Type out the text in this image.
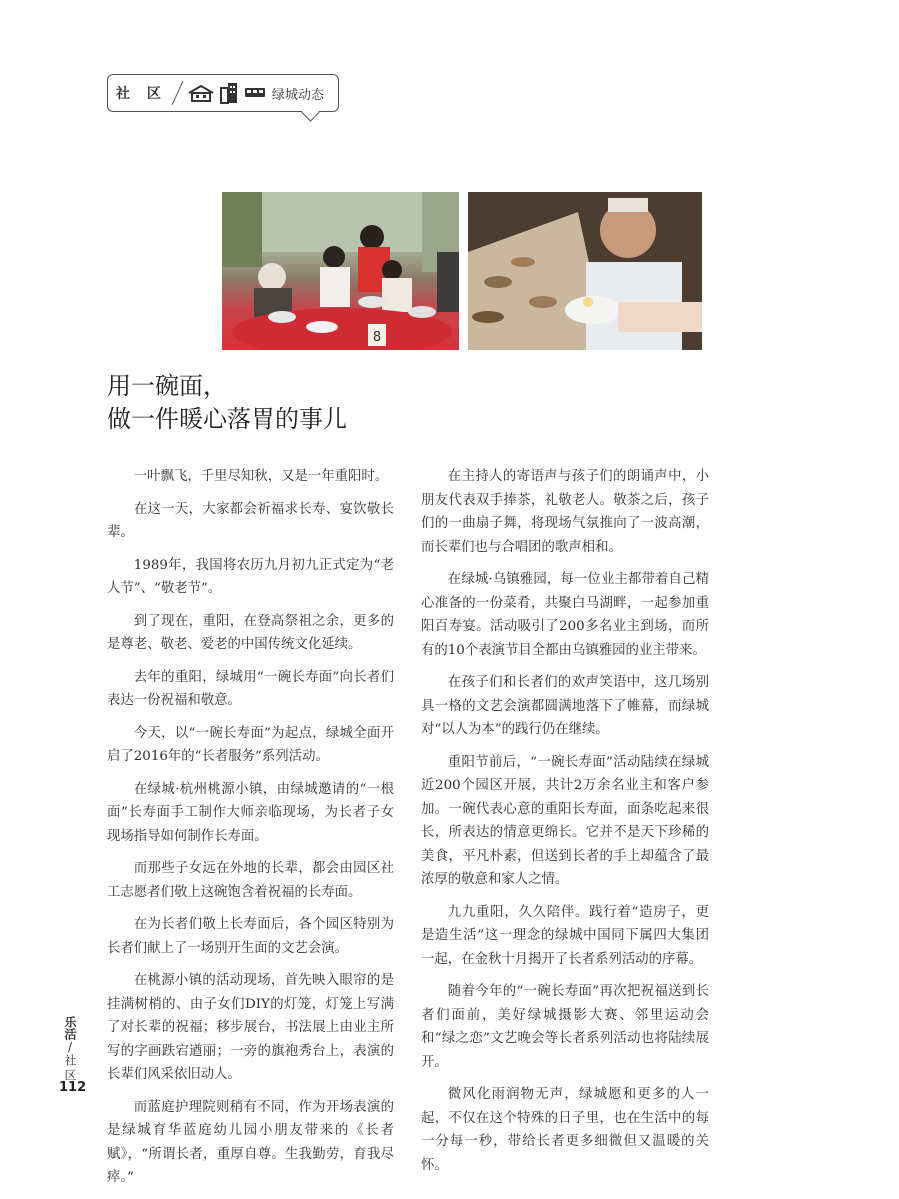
社 区	绿城动态
8
用一碗面，
做一件暖心落胃的事儿

一叶飘飞，千里尽知秋，又是一年重阳时。

在这一天，大家都会祈福求长寿、宴饮敬长辈。

1989年，我国将农历九月初九正式定为“老人节”、“敬老节”。

到了现在，重阳，在登高祭祖之余，更多的是尊老、敬老、爱老的中国传统文化延续。

去年的重阳，绿城用“一碗长寿面”向长者们表达一份祝福和敬意。

今天，以“一碗长寿面”为起点，绿城全面开启了2016年的“长者服务”系列活动。

在绿城·杭州桃源小镇，由绿城邀请的“一根面”长寿面手工制作大师亲临现场，为长者子女现场指导如何制作长寿面。

而那些子女远在外地的长辈，都会由园区社工志愿者们敬上这碗饱含着祝福的长寿面。

在为长者们敬上长寿面后，各个园区特别为长者们献上了一场别开生面的文艺会演。

在桃源小镇的活动现场，首先映入眼帘的是挂满树梢的、由子女们DIY的灯笼，灯笼上写满了对长辈的祝福；移步展台，书法展上由业主所写的字画跌宕遒丽；一旁的旗袍秀台上，表演的长辈们风采依旧动人。

而蓝庭护理院则稍有不同，作为开场表演的是绿城育华蓝庭幼儿园小朋友带来的《长者赋》，“所谓长者，重厚自尊。生我勤劳，育我尽瘁。”

在主持人的寄语声与孩子们的朗诵声中，小朋友代表双手捧茶，礼敬老人。敬茶之后，孩子们的一曲扇子舞，将现场气氛推向了一波高潮，而长辈们也与合唱团的歌声相和。

在绿城·乌镇雅园，每一位业主都带着自己精心准备的一份菜肴，共聚白马湖畔，一起参加重阳百寿宴。活动吸引了200多名业主到场，而所有的10个表演节目全都由乌镇雅园的业主带来。

在孩子们和长者们的欢声笑语中，这几场别具一格的文艺会演都圆满地落下了帷幕，而绿城对“以人为本”的践行仍在继续。

重阳节前后，“一碗长寿面”活动陆续在绿城近200个园区开展，共计2万余名业主和客户参加。一碗代表心意的重阳长寿面，面条吃起来很长，所表达的情意更绵长。它并不是天下珍稀的美食，平凡朴素，但送到长者的手上却蕴含了最浓厚的敬意和家人之情。

九九重阳，久久陪伴。践行着“造房子，更是造生活”这一理念的绿城中国同下属四大集团一起，在金秋十月揭开了长者系列活动的序幕。

随着今年的“一碗长寿面”再次把祝福送到长者们面前，美好绿城摄影大赛、邻里运动会和“绿之恋”文艺晚会等长者系列活动也将陆续展开。

微风化雨润物无声，绿城愿和更多的人一起，不仅在这个特殊的日子里，也在生活中的每一分每一秒，带给长者更多细微但又温暖的关怀。

乐活
/
社区
112
